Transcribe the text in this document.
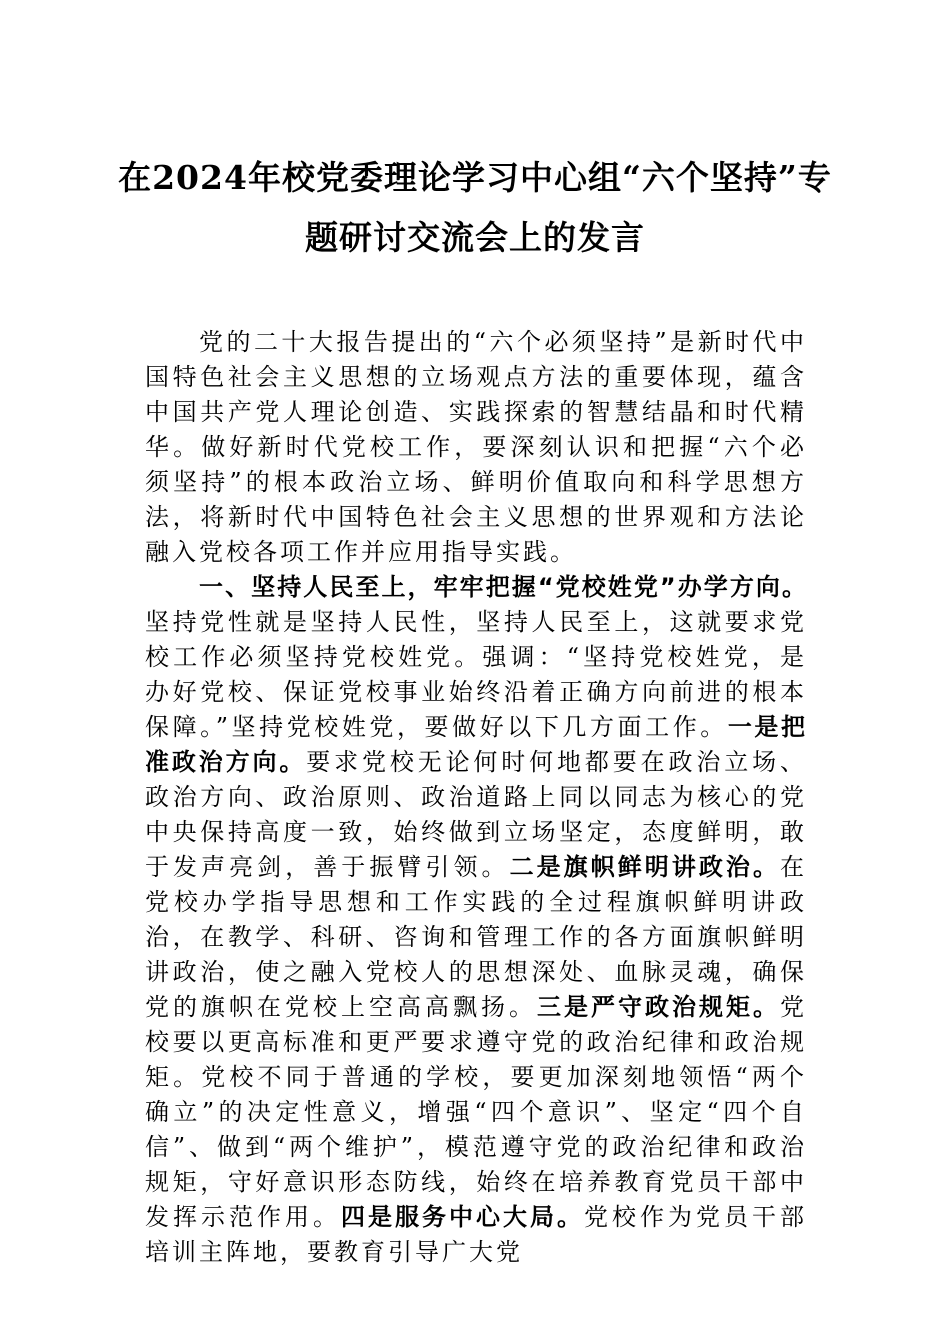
在2024年校党委理论学习中心组“六个坚持”专题研讨交流会上的发言

党的二十大报告提出的“六个必须坚持”是新时代中国特色社会主义思想的立场观点方法的重要体现，蕴含中国共产党人理论创造、实践探索的智慧结晶和时代精华。做好新时代党校工作，要深刻认识和把握“六个必须坚持”的根本政治立场、鲜明价值取向和科学思想方法，将新时代中国特色社会主义思想的世界观和方法论融入党校各项工作并应用指导实践。

一、坚持人民至上，牢牢把握“党校姓党”办学方向。坚持党性就是坚持人民性，坚持人民至上，这就要求党校工作必须坚持党校姓党。强调：“坚持党校姓党，是办好党校、保证党校事业始终沿着正确方向前进的根本保障。”坚持党校姓党，要做好以下几方面工作。一是把准政治方向。要求党校无论何时何地都要在政治立场、政治方向、政治原则、政治道路上同以同志为核心的党中央保持高度一致，始终做到立场坚定，态度鲜明，敢于发声亮剑，善于振臂引领。二是旗帜鲜明讲政治。在党校办学指导思想和工作实践的全过程旗帜鲜明讲政治，在教学、科研、咨询和管理工作的各方面旗帜鲜明讲政治，使之融入党校人的思想深处、血脉灵魂，确保党的旗帜在党校上空高高飘扬。三是严守政治规矩。党校要以更高标准和更严要求遵守党的政治纪律和政治规矩。党校不同于普通的学校，要更加深刻地领悟“两个确立”的决定性意义，增强“四个意识”、坚定“四个自信”、做到“两个维护”，模范遵守党的政治纪律和政治规矩，守好意识形态防线，始终在培养教育党员干部中发挥示范作用。四是服务中心大局。党校作为党员干部培训主阵地，要教育引导广大党
